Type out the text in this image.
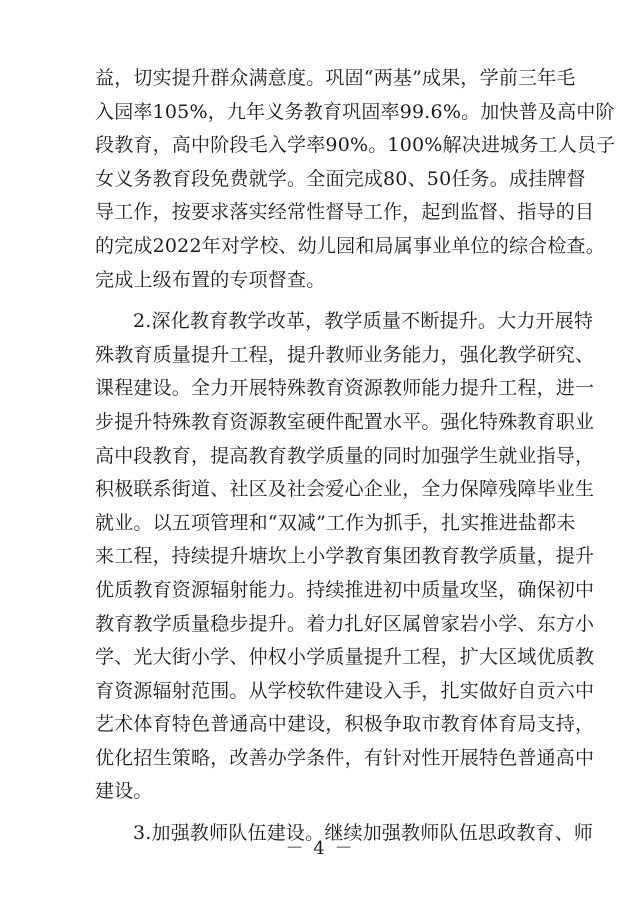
益，切实提升群众满意度。巩固“两基”成果，学前三年毛
入园率105%，九年义务教育巩固率99.6%。加快普及高中阶
段教育，高中阶段毛入学率90%。100%解决进城务工人员子
女义务教育段免费就学。全面完成80、50任务。成挂牌督
导工作，按要求落实经常性督导工作，起到监督、指导的目
的完成2022年对学校、幼儿园和局属事业单位的综合检查。
完成上级布置的专项督查。
2.深化教育教学改革，教学质量不断提升。大力开展特
殊教育质量提升工程，提升教师业务能力，强化教学研究、
课程建设。全力开展特殊教育资源教师能力提升工程，进一
步提升特殊教育资源教室硬件配置水平。强化特殊教育职业
高中段教育，提高教育教学质量的同时加强学生就业指导，
积极联系街道、社区及社会爱心企业，全力保障残障毕业生
就业。以五项管理和“双减”工作为抓手，扎实推进盐都未
来工程，持续提升塘坎上小学教育集团教育教学质量，提升
优质教育资源辐射能力。持续推进初中质量攻坚，确保初中
教育教学质量稳步提升。着力扎好区属曾家岩小学、东方小
学、光大街小学、仲权小学质量提升工程，扩大区域优质教
育资源辐射范围。从学校软件建设入手，扎实做好自贡六中
艺术体育特色普通高中建设，积极争取市教育体育局支持，
优化招生策略，改善办学条件，有针对性开展特色普通高中
建设。
3.加强教师队伍建设。继续加强教师队伍思政教育、师
－ 4 －
